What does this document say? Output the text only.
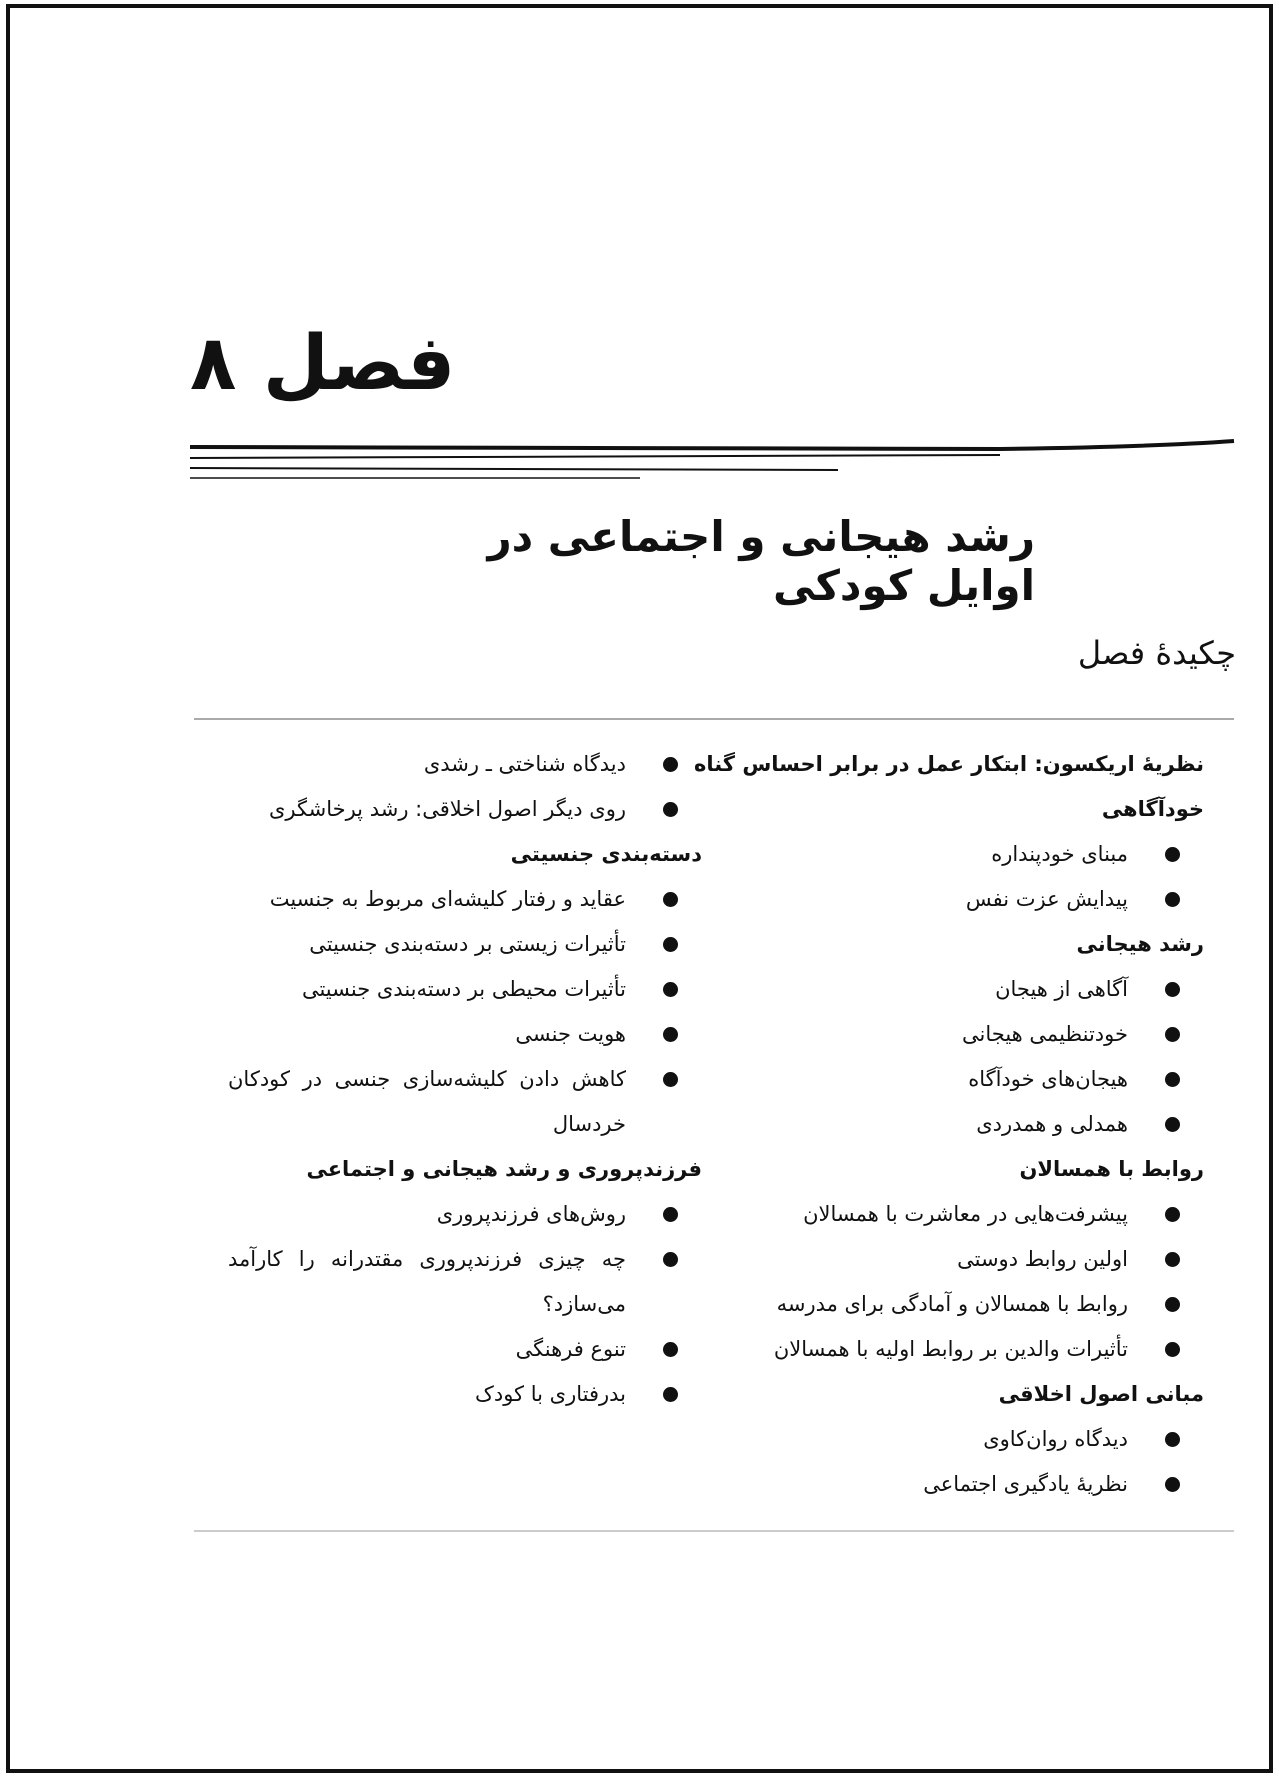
فصل ۸
رشد هیجانی و اجتماعی در اوایل کودکی
چکیدهٔ فصل
نظریهٔ اریکسون: ابتکار عمل در برابر احساس گناه
خودآگاهی
مبنای خودپنداره
پیدایش عزت نفس
رشد هیجانی
آگاهی از هیجان
خودتنظیمی هیجانی
هیجان‌های خودآگاه
همدلی و همدردی
روابط با همسالان
پیشرفت‌هایی در معاشرت با همسالان
اولین روابط دوستی
روابط با همسالان و آمادگی برای مدرسه
تأثیرات والدین بر روابط اولیه با همسالان
مبانی اصول اخلاقی
دیدگاه روان‌کاوی
نظریهٔ یادگیری اجتماعی
دیدگاه شناختی ـ رشدی
روی دیگر اصول اخلاقی: رشد پرخاشگری
دسته‌بندی جنسیتی
عقاید و رفتار کلیشه‌ای مربوط به جنسیت
تأثیرات زیستی بر دسته‌بندی جنسیتی
تأثیرات محیطی بر دسته‌بندی جنسیتی
هویت جنسی
کاهش دادن کلیشه‌سازی جنسی در کودکان خردسال
فرزندپروری و رشد هیجانی و اجتماعی
روش‌های فرزندپروری
چه چیزی فرزندپروری مقتدرانه را کارآمد می‌سازد؟
تنوع فرهنگی
بدرفتاری با کودک
